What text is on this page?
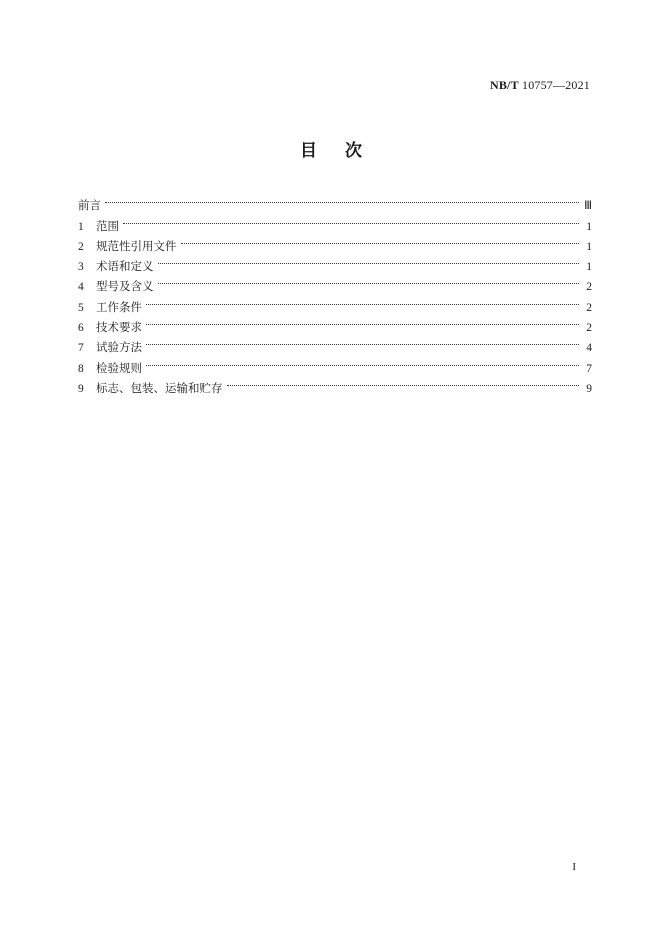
NB/T 10757—2021
目次
前言	Ⅲ
1	范围	1
2	规范性引用文件	1
3	术语和定义	1
4	型号及含义	2
5	工作条件	2
6	技术要求	2
7	试验方法	4
8	检验规则	7
9	标志、包装、运输和贮存	9
I
